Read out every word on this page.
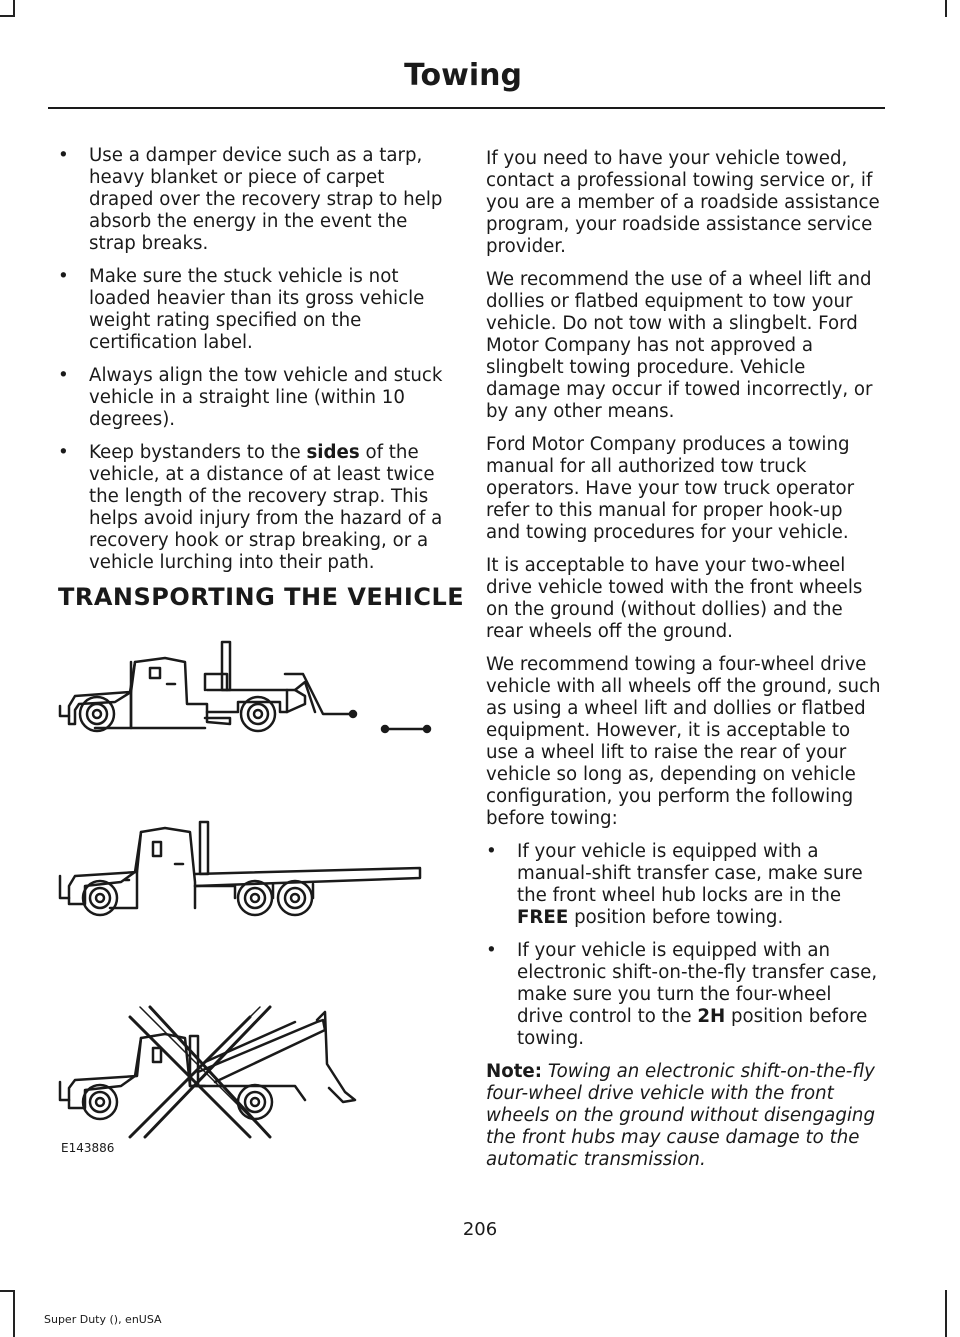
Towing
• Use a damper device such as a tarp, heavy blanket or piece of carpet draped over the recovery strap to help absorb the energy in the event the strap breaks.
• Make sure the stuck vehicle is not loaded heavier than its gross vehicle weight rating specified on the certification label.
• Always align the tow vehicle and stuck vehicle in a straight line (within 10 degrees).
• Keep bystanders to the sides of the vehicle, at a distance of at least twice the length of the recovery strap. This helps avoid injury from the hazard of a recovery hook or strap breaking, or a vehicle lurching into their path.
TRANSPORTING THE VEHICLE
E143886

If you need to have your vehicle towed, contact a professional towing service or, if you are a member of a roadside assistance program, your roadside assistance service provider.

We recommend the use of a wheel lift and dollies or flatbed equipment to tow your vehicle. Do not tow with a slingbelt. Ford Motor Company has not approved a slingbelt towing procedure. Vehicle damage may occur if towed incorrectly, or by any other means.

Ford Motor Company produces a towing manual for all authorized tow truck operators. Have your tow truck operator refer to this manual for proper hook-up and towing procedures for your vehicle.

It is acceptable to have your two-wheel drive vehicle towed with the front wheels on the ground (without dollies) and the rear wheels off the ground.

We recommend towing a four-wheel drive vehicle with all wheels off the ground, such as using a wheel lift and dollies or flatbed equipment. However, it is acceptable to use a wheel lift to raise the rear of your vehicle so long as, depending on vehicle configuration, you perform the following before towing:

• If your vehicle is equipped with a manual-shift transfer case, make sure the front wheel hub locks are in the FREE position before towing.
• If your vehicle is equipped with an electronic shift-on-the-fly transfer case, make sure you turn the four-wheel drive control to the 2H position before towing.

Note: Towing an electronic shift-on-the-fly four-wheel drive vehicle with the front wheels on the ground without disengaging the front hubs may cause damage to the automatic transmission.

206
Super Duty (), enUSA
